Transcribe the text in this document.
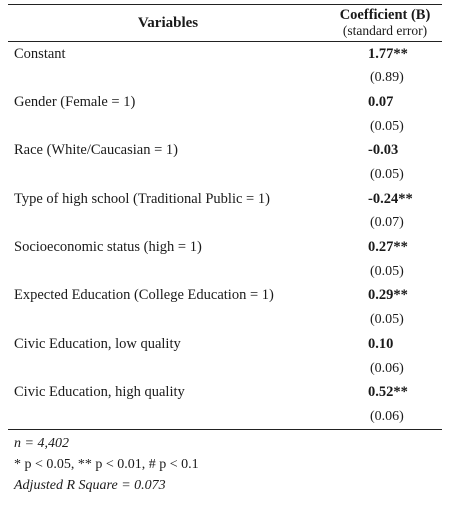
Variables	Coefficient (B)
(standard error)
Constant	1.77**
(0.89)
Gender (Female = 1)	0.07
(0.05)
Race (White/Caucasian = 1)	-0.03
(0.05)
Type of high school (Traditional Public = 1)	-0.24**
(0.07)
Socioeconomic status (high = 1)	0.27**
(0.05)
Expected Education (College Education = 1)	0.29**
(0.05)
Civic Education, low quality	0.10
(0.06)
Civic Education, high quality	0.52**
(0.06)
n = 4,402
* p < 0.05, ** p < 0.01, # p < 0.1
Adjusted R Square = 0.073
